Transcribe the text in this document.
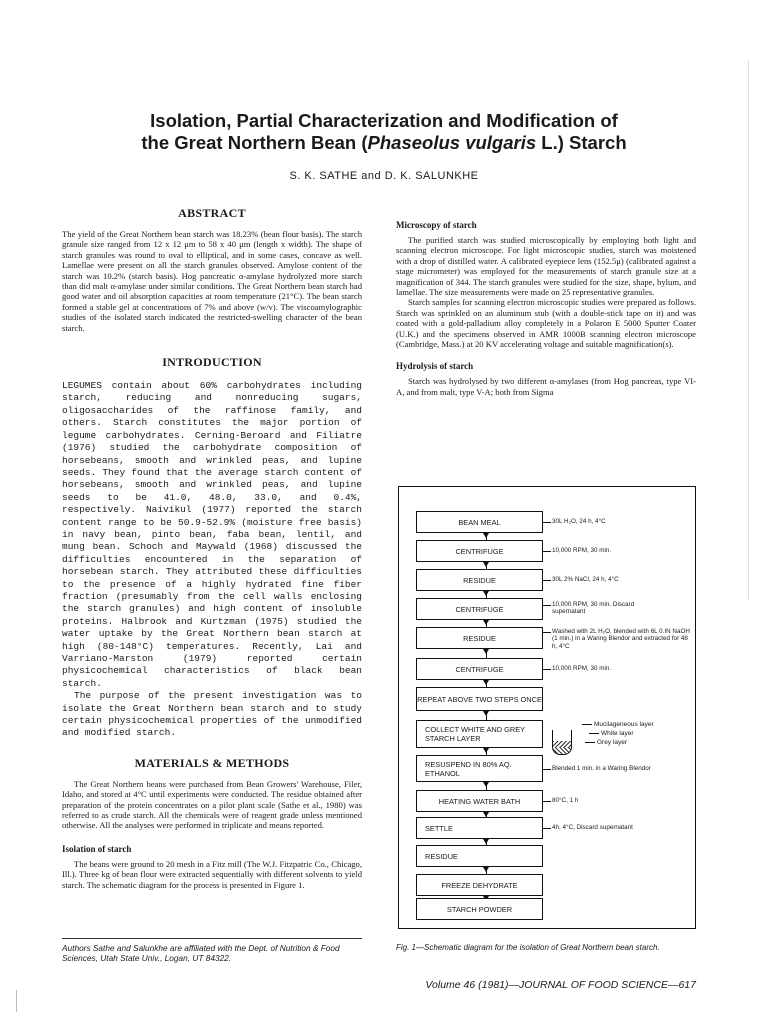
Isolation, Partial Characterization and Modification of
the Great Northern Bean (Phaseolus vulgaris L.) Starch
S. K. SATHE and D. K. SALUNKHE
ABSTRACT

The yield of the Great Northern bean starch was 18.23% (bean flour basis). The starch granule size ranged from 12 x 12 μm to 58 x 40 μm (length x width). The shape of starch granules was round to oval to elliptical, and in some cases, concave as well. Lamellae were present on all the starch granules observed. Amylose content of the starch was 10.2% (starch basis). Hog pancreatic α-amylase hydrolyzed more starch than did malt α-amylase under similar conditions. The Great Northern bean starch had good water and oil absorption capacities at room temperature (21°C). The bean starch formed a stable gel at concentrations of 7% and above (w/v). The viscoamylographic studies of the isolated starch indicated the restricted-swelling character of the bean starch.

INTRODUCTION

LEGUMES contain about 60% carbohydrates including starch, reducing and nonreducing sugars, oligosaccharides of the raffinose family, and others. Starch constitutes the major portion of legume carbohydrates. Cerning-Beroard and Filiatre (1976) studied the carbohydrate composition of horsebeans, smooth and wrinkled peas, and lupine seeds. They found that the average starch content of horsebeans, smooth and wrinkled peas, and lupine seeds to be 41.0, 48.0, 33.0, and 0.4%, respectively. Naivikul (1977) reported the starch content range to be 50.9-52.9% (moisture free basis) in navy bean, pinto bean, faba bean, lentil, and mung bean. Schoch and Maywald (1968) discussed the difficulties encountered in the separation of horsebean starch. They attributed these difficulties to the presence of a highly hydrated fine fiber fraction (presumably from the cell walls enclosing the starch granules) and high content of insoluble proteins. Halbrook and Kurtzman (1975) studied the water uptake by the Great Northern bean starch at high (80-148°C) temperatures. Recently, Lai and Varriano-Marston (1979) reported certain physicochemical characteristics of black bean starch.

The purpose of the present investigation was to isolate the Great Northern bean starch and to study certain physicochemical properties of the unmodified and modified starch.

MATERIALS & METHODS

The Great Northern beans were purchased from Bean Growers' Warehouse, Filer, Idaho, and stored at 4°C until experiments were conducted. The residue obtained after preparation of the protein concentrates on a pilot plant scale (Sathe et al., 1980) was referred to as crude starch. All the chemicals were of reagent grade unless mentioned otherwise. All the analyses were performed in triplicate and means reported.

Isolation of starch

The beans were ground to 20 mesh in a Fitz mill (The W.J. Fitzpatric Co., Chicago, Ill.). Three kg of bean flour were extracted sequentially with different solvents to yield starch. The schematic diagram for the process is presented in Figure 1.

Authors Sathe and Salunkhe are affiliated with the Dept. of Nutrition & Food Sciences, Utah State Univ., Logan, UT 84322.
Microscopy of starch

The purified starch was studied microscopically by employing both light and scanning electron microscope. For light microscopic studies, starch was moistened with a drop of distilled water. A calibrated eyepiece lens (152.5μ) (calibrated against a stage micrometer) was employed for the measurements of starch granule size at a magnification of 344. The starch granules were studied for the size, shape, hylum, and lamellae. The size measurements were made on 25 representative granules.

Starch samples for scanning electron microscopic studies were prepared as follows. Starch was sprinkled on an aluminum stub (with a double-stick tape on it) and was coated with a gold-palladium alloy completely in a Polaron E 5000 Sputter Coater (U.K.) and the specimens observed in AMR 1000B scanning electron microscope (Cambridge, Mass.) at 20 KV accelerating voltage and suitable magnification(s).

Hydrolysis of starch

Starch was hydrolysed by two different α-amylases (from Hog pancreas, type VI-A, and from malt, type V-A; both from Sigma

BEAN MEAL
CENTRIFUGE
RESIDUE
CENTRIFUGE
RESIDUE
CENTRIFUGE
REPEAT ABOVE TWO STEPS ONCE
COLLECT WHITE AND GREY STARCH LAYER
RESUSPEND IN 80% AQ. ETHANOL
HEATING WATER BATH
SETTLE
RESIDUE
FREEZE DEHYDRATE
STARCH POWDER
30L H₂O, 24 h, 4°C
10,000 RPM, 30 min.
30L 2% NaCl, 24 h, 4°C
10,000 RPM, 30 min. Discard supernatant
Washed with 2L H₂O, blended with 6L 0.IN NaOH (1 min.) in a Waring Blendor and extracted for 48 h, 4°C
10,000 RPM, 30 min.
Blended 1 min. in a Waring Blendor
80°C, 1 h
4h, 4°C, Discard supernatant
Mucilageneous layer
White layer
Grey layer
Fig. 1—Schematic diagram for the isolation of Great Northern bean starch.
Volume 46 (1981)—JOURNAL OF FOOD SCIENCE—617
